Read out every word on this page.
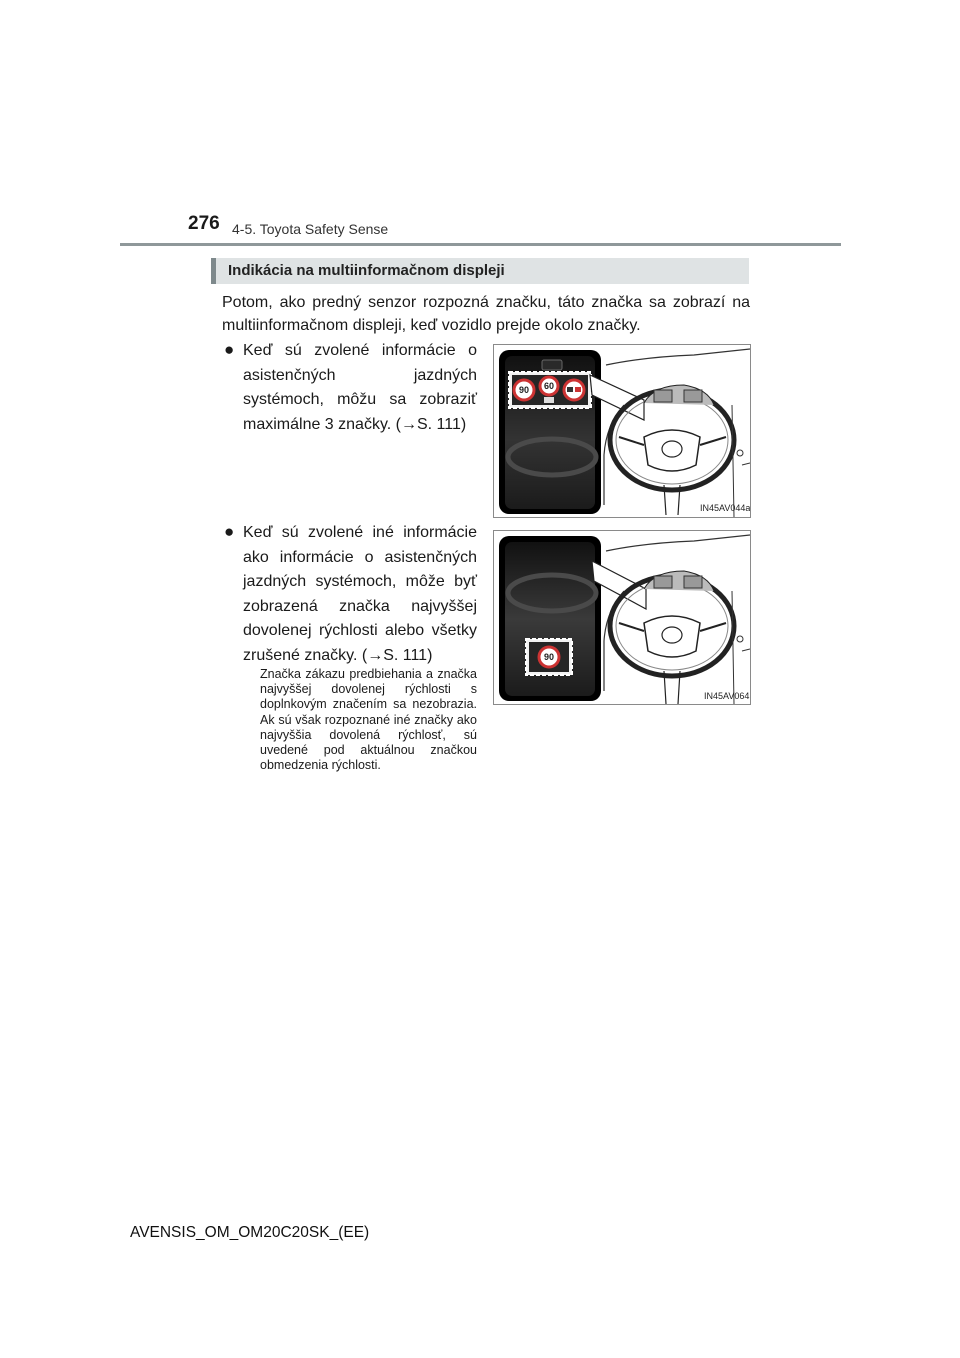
276 4-5. Toyota Safety Sense
Indikácia na multiinformačnom displeji
Potom, ako predný senzor rozpozná značku, táto značka sa zobrazí na multiinformačnom displeji, keď vozidlo prejde okolo značky.
● Keď sú zvolené informácie o asistenčných jazdných systémoch, môžu sa zobraziť maximálne 3 značky. (→S. 111)
● Keď sú zvolené iné informácie ako informácie o asistenčných jazdných systémoch, môže byť zobrazená značka najvyššej dovolenej rýchlosti alebo všetky zrušené značky. (→S. 111)
Značka zákazu predbiehania a značka najvyššej dovolenej rýchlosti s doplnkovým značením sa nezobrazia. Ak sú však rozpoznané iné značky ako najvyššia dovolená rýchlosť, sú uvedené pod aktuálnou značkou obmedzenia rýchlosti.
90 60
IN45AV044a
90
IN45AV064
AVENSIS_OM_OM20C20SK_(EE)
